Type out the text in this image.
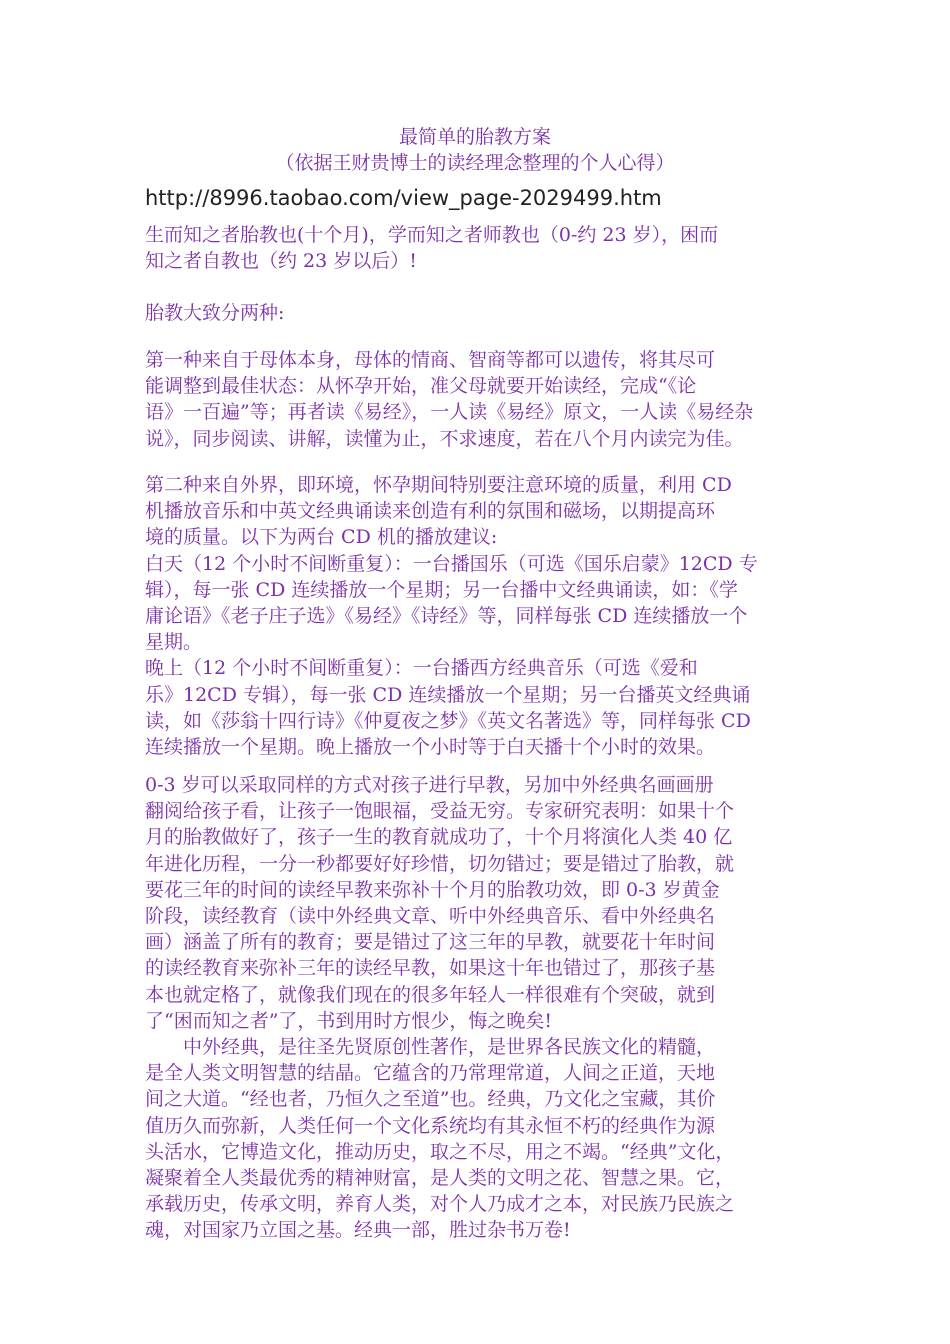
最简单的胎教方案
（依据王财贵博士的读经理念整理的个人心得）
http://8996.taobao.com/view_page-2029499.htm
生而知之者胎教也(十个月)，学而知之者师教也（0-约 23 岁），困而
知之者自教也（约 23 岁以后）!
胎教大致分两种:
第一种来自于母体本身，母体的情商、智商等都可以遗传，将其尽可
能调整到最佳状态：从怀孕开始，准父母就要开始读经，完成“《论
语》一百遍”等；再者读《易经》，一人读《易经》原文，一人读《易经杂
说》，同步阅读、讲解，读懂为止，不求速度，若在八个月内读完为佳。
第二种来自外界，即环境，怀孕期间特别要注意环境的质量，利用 CD
机播放音乐和中英文经典诵读来创造有利的氛围和磁场，以期提高环
境的质量。以下为两台 CD 机的播放建议:
白天（12 个小时不间断重复）：一台播国乐（可选《国乐启蒙》12CD 专
辑），每一张 CD 连续播放一个星期；另一台播中文经典诵读，如：《学
庸论语》《老子庄子选》《易经》《诗经》等，同样每张 CD 连续播放一个
星期。
晚上（12 个小时不间断重复）：一台播西方经典音乐（可选《爱和
乐》12CD 专辑），每一张 CD 连续播放一个星期；另一台播英文经典诵
读，如《莎翁十四行诗》《仲夏夜之梦》《英文名著选》等，同样每张 CD
连续播放一个星期。晚上播放一个小时等于白天播十个小时的效果。
0-3 岁可以采取同样的方式对孩子进行早教，另加中外经典名画画册
翻阅给孩子看，让孩子一饱眼福，受益无穷。专家研究表明：如果十个
月的胎教做好了，孩子一生的教育就成功了，十个月将演化人类 40 亿
年进化历程，一分一秒都要好好珍惜，切勿错过；要是错过了胎教，就
要花三年的时间的读经早教来弥补十个月的胎教功效，即 0-3 岁黄金
阶段，读经教育（读中外经典文章、听中外经典音乐、看中外经典名
画）涵盖了所有的教育；要是错过了这三年的早教，就要花十年时间
的读经教育来弥补三年的读经早教，如果这十年也错过了，那孩子基
本也就定格了，就像我们现在的很多年轻人一样很难有个突破，就到
了“困而知之者”了，书到用时方恨少，悔之晚矣!
中外经典，是往圣先贤原创性著作，是世界各民族文化的精髓，
是全人类文明智慧的结晶。它蕴含的乃常理常道，人间之正道，天地
间之大道。“经也者，乃恒久之至道”也。经典，乃文化之宝藏，其价
值历久而弥新，人类任何一个文化系统均有其永恒不朽的经典作为源
头活水，它博造文化，推动历史，取之不尽，用之不竭。“经典”文化，
凝聚着全人类最优秀的精神财富，是人类的文明之花、智慧之果。它，
承载历史，传承文明，养育人类，对个人乃成才之本，对民族乃民族之
魂，对国家乃立国之基。经典一部，胜过杂书万卷!
